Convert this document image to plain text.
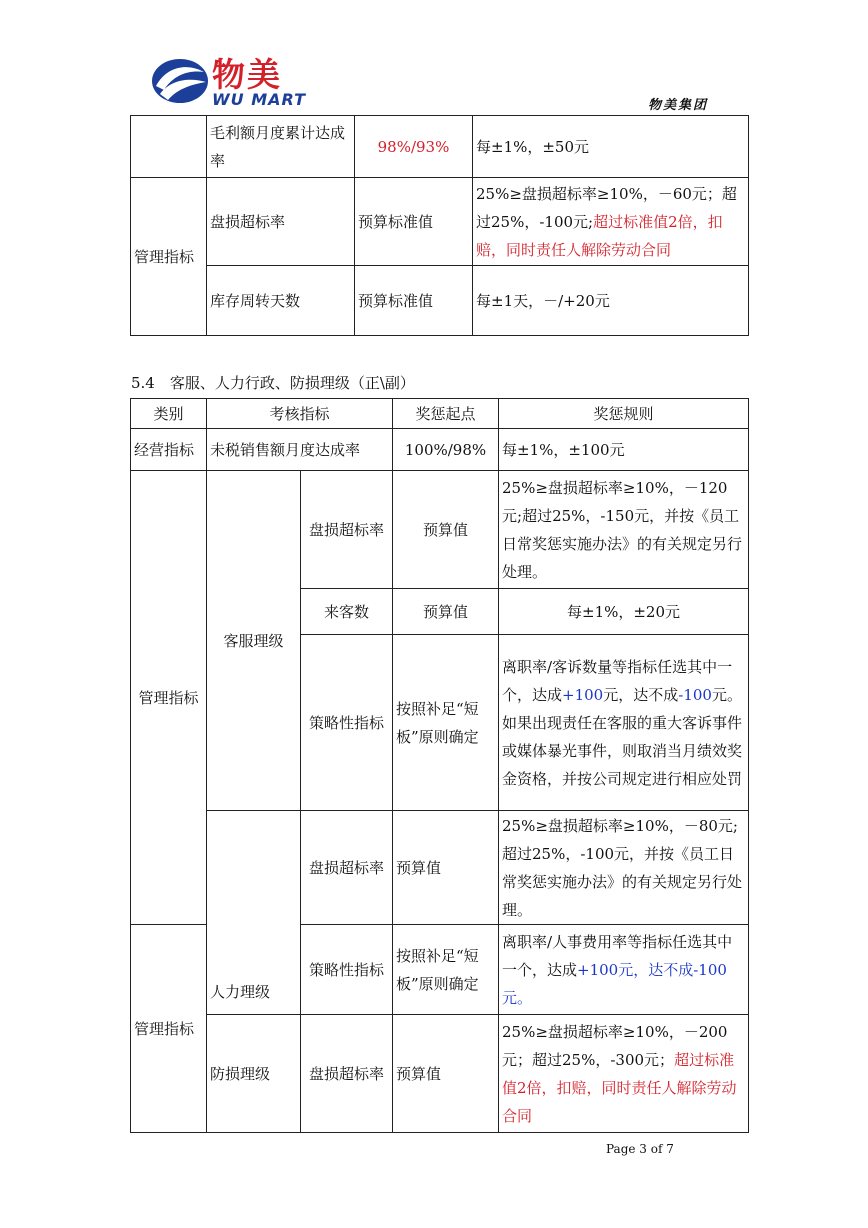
物美
WU MART	物美集团
	毛利额月度累计达成率	98%/93%	每±1%，±50元
管理指标	盘损超标率	预算标准值	25%≥盘损超标率≥10%，－60元；超过25%，-100元;超过标准值2倍，扣赔，同时责任人解除劳动合同
	库存周转天数	预算标准值	每±1天，－/+20元
5.4　客服、人力行政、防损理级（正\副）
类别	考核指标		奖惩起点	奖惩规则
经营指标	未税销售额月度达成率		100%/98%	每±1%，±100元
管理指标	客服理级	盘损超标率	预算值	25%≥盘损超标率≥10%，－120元;超过25%，-150元，并按《员工日常奖惩实施办法》的有关规定另行处理。
		来客数	预算值	每±1%，±20元
		策略性指标	按照补足“短板”原则确定	离职率/客诉数量等指标任选其中一个，达成+100元，达不成-100元。如果出现责任在客服的重大客诉事件或媒体暴光事件，则取消当月绩效奖金资格，并按公司规定进行相应处罚
	人力理级	盘损超标率	预算值	25%≥盘损超标率≥10%，－80元;超过25%，-100元，并按《员工日常奖惩实施办法》的有关规定另行处理。
管理指标		策略性指标	按照补足“短板”原则确定	离职率/人事费用率等指标任选其中一个，达成+100元，达不成-100元。
	防损理级	盘损超标率	预算值	25%≥盘损超标率≥10%，－200元；超过25%，-300元；超过标准值2倍，扣赔，同时责任人解除劳动合同
Page 3 of 7
